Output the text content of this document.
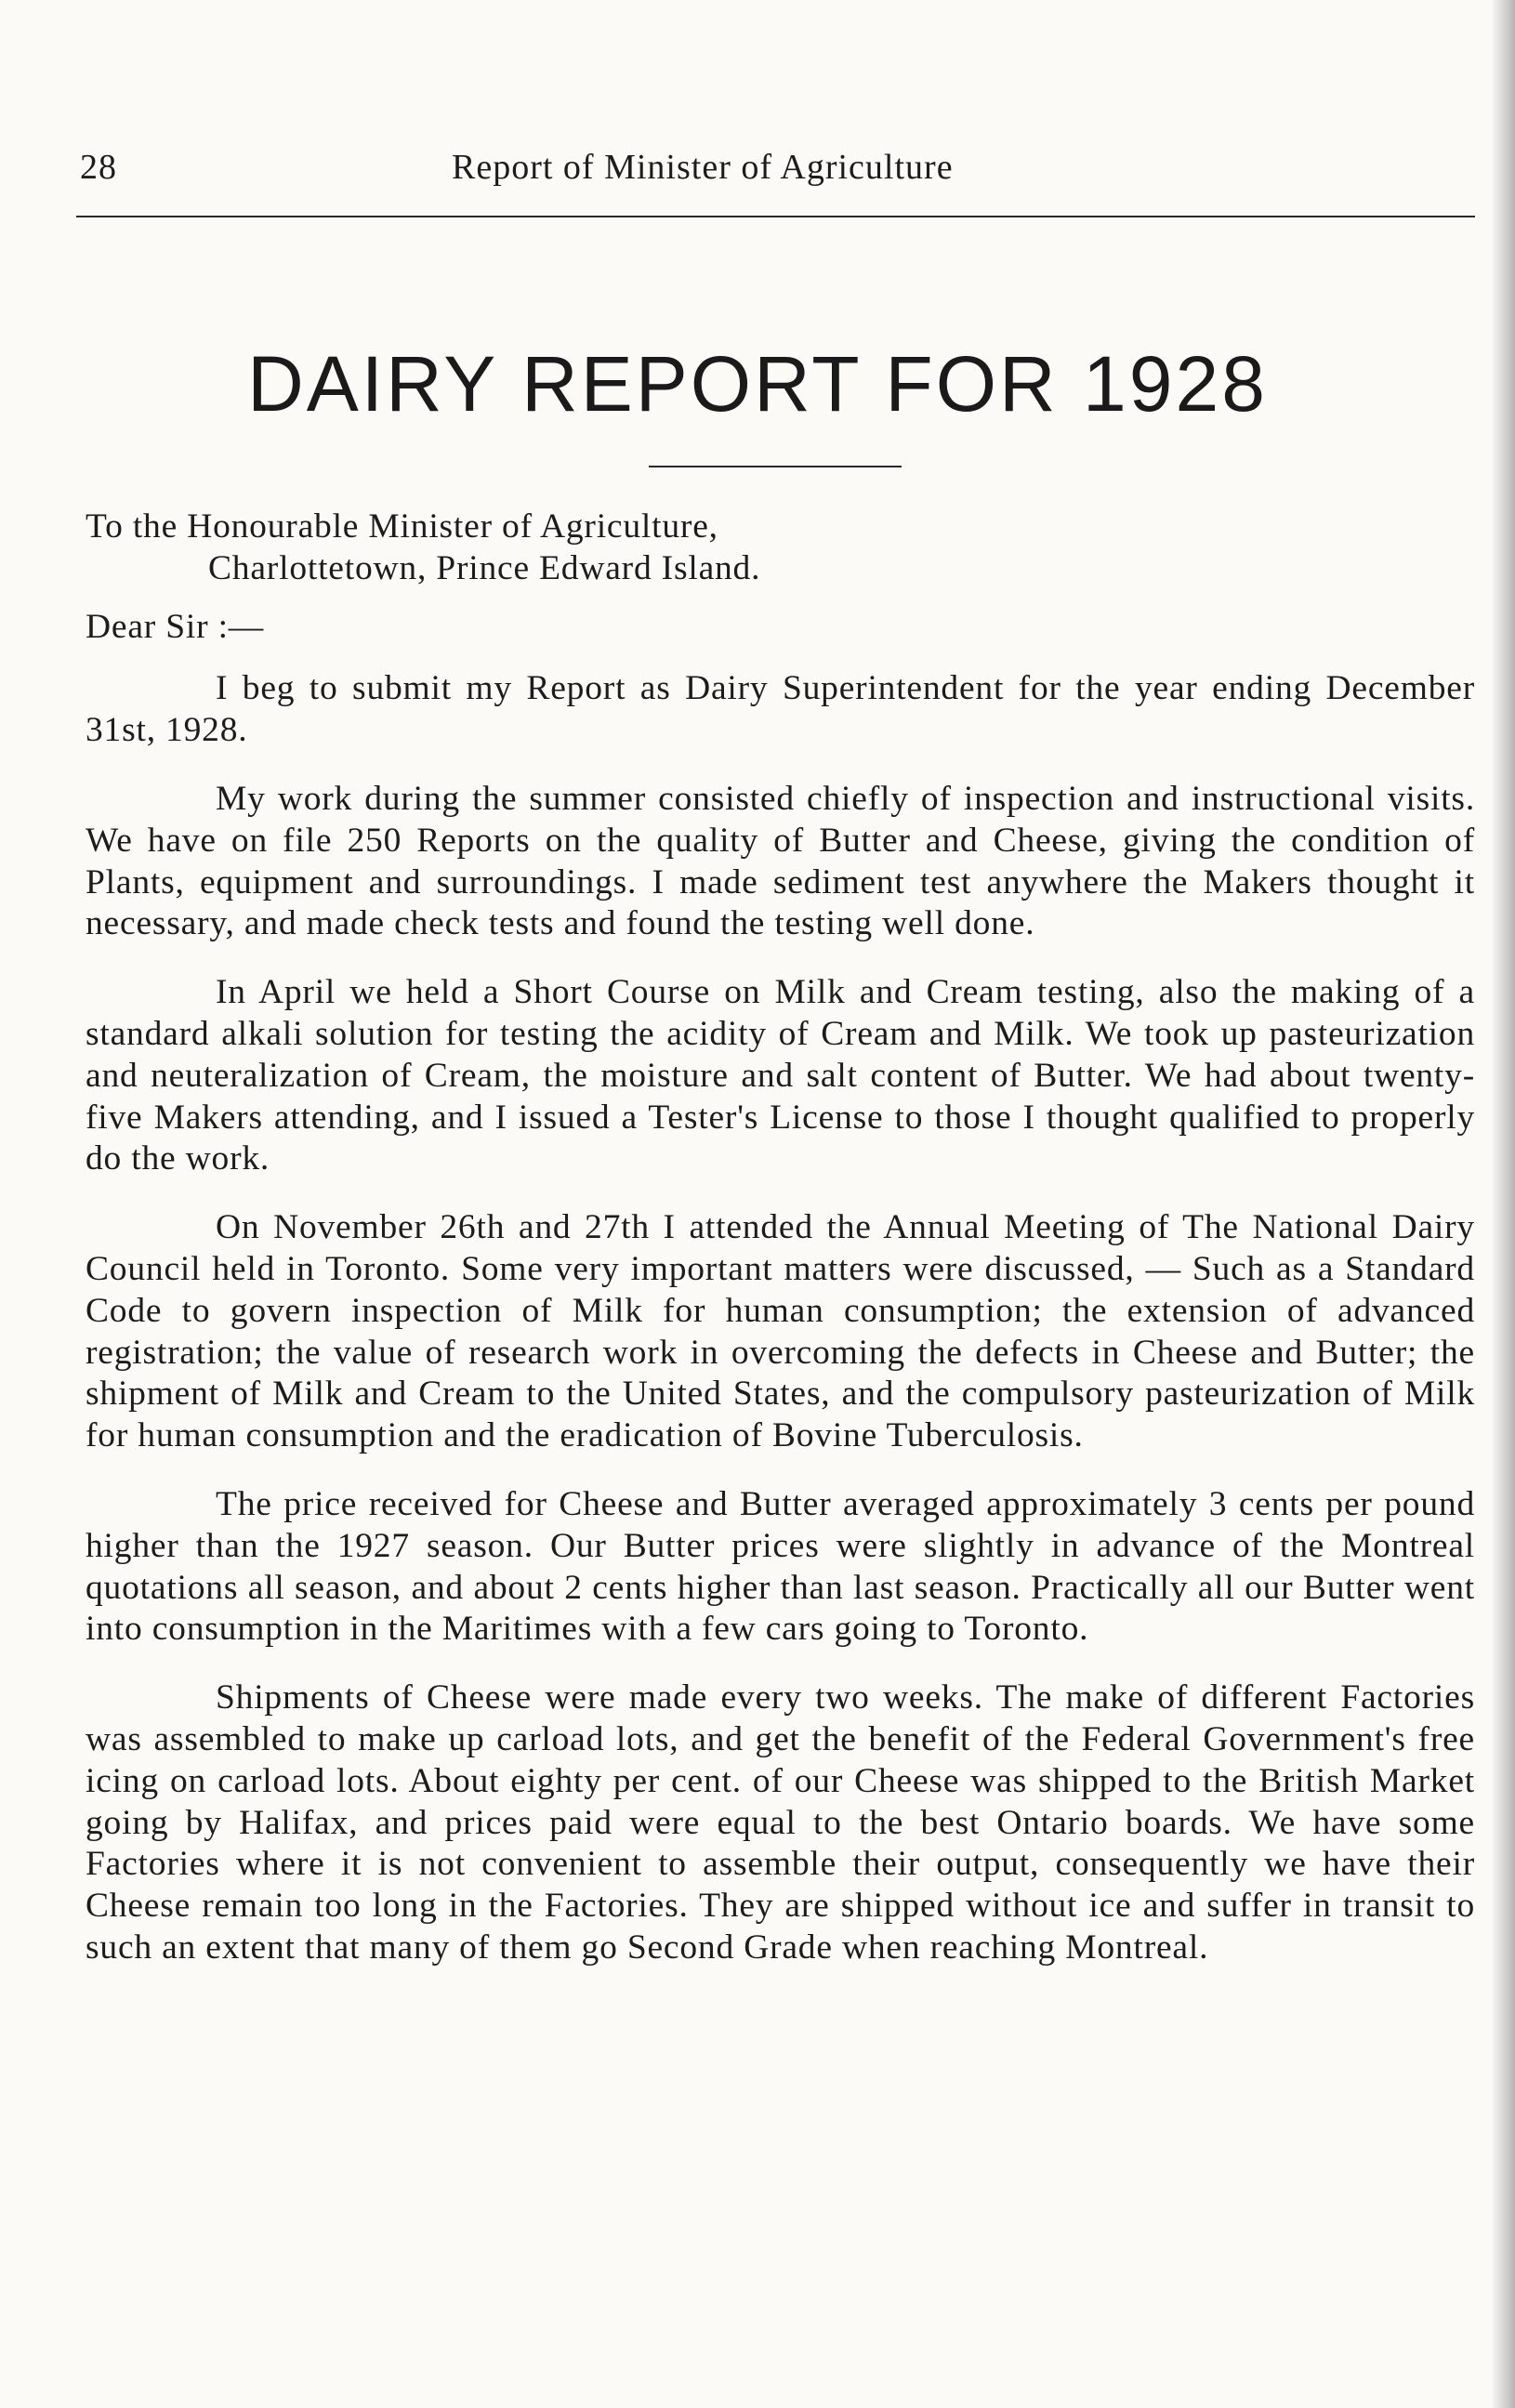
28	Report of Minister of Agriculture
DAIRY REPORT FOR 1928

To the Honourable Minister of Agriculture,

Charlottetown, Prince Edward Island.

Dear Sir :—

I beg to submit my Report as Dairy Superintendent for the year ending December 31st, 1928.

My work during the summer consisted chiefly of inspection and instructional visits. We have on file 250 Reports on the quality of Butter and Cheese, giving the condition of Plants, equipment and surroundings. I made sediment test anywhere the Makers thought it necessary, and made check tests and found the testing well done.

In April we held a Short Course on Milk and Cream testing, also the making of a standard alkali solution for testing the acidity of Cream and Milk. We took up pasteurization and neuteralization of Cream, the moisture and salt content of Butter. We had about twenty-five Makers attending, and I issued a Tester's License to those I thought qualified to properly do the work.

On November 26th and 27th I attended the Annual Meeting of The National Dairy Council held in Toronto. Some very important matters were discussed, — Such as a Standard Code to govern inspection of Milk for human consumption; the extension of advanced registration; the value of research work in overcoming the defects in Cheese and Butter; the shipment of Milk and Cream to the United States, and the compulsory pasteurization of Milk for human consumption and the eradication of Bovine Tuberculosis.

The price received for Cheese and Butter averaged approximately 3 cents per pound higher than the 1927 season. Our Butter prices were slightly in advance of the Montreal quotations all season, and about 2 cents higher than last season. Practically all our Butter went into consumption in the Maritimes with a few cars going to Toronto.

Shipments of Cheese were made every two weeks. The make of different Factories was assembled to make up carload lots, and get the benefit of the Federal Government's free icing on carload lots. About eighty per cent. of our Cheese was shipped to the British Market going by Halifax, and prices paid were equal to the best Ontario boards. We have some Factories where it is not convenient to assemble their output, consequently we have their Cheese remain too long in the Factories. They are shipped without ice and suffer in transit to such an extent that many of them go Second Grade when reaching Montreal.
